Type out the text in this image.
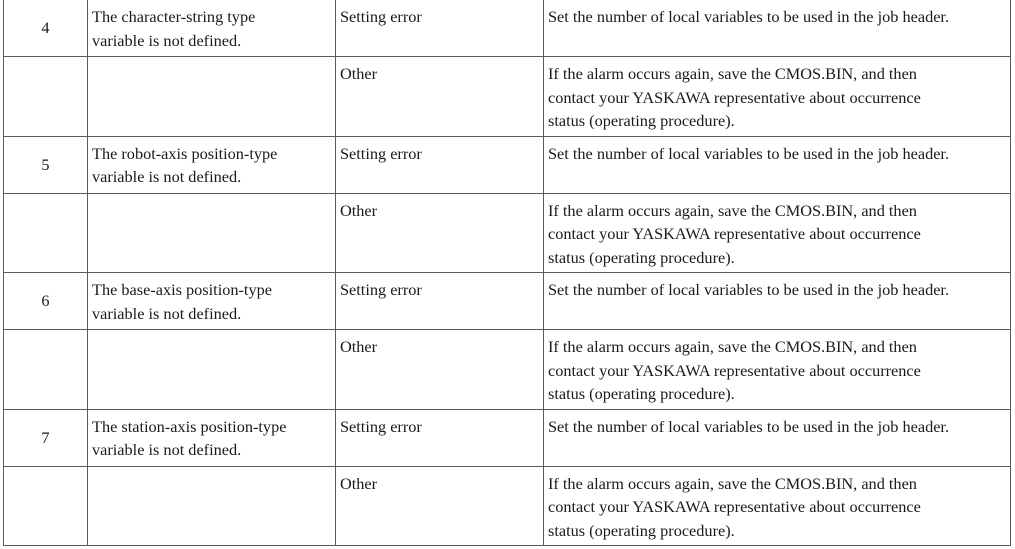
4	The character-string type
variable is not defined.	Setting error	Set the number of local variables to be used in the job header.

		Other	If the alarm occurs again, save the CMOS.BIN, and then
contact your YASKAWA representative about occurrence
status (operating procedure).

5	The robot-axis position-type
variable is not defined.	Setting error	Set the number of local variables to be used in the job header.

		Other	If the alarm occurs again, save the CMOS.BIN, and then
contact your YASKAWA representative about occurrence
status (operating procedure).

6	The base-axis position-type
variable is not defined.	Setting error	Set the number of local variables to be used in the job header.

		Other	If the alarm occurs again, save the CMOS.BIN, and then
contact your YASKAWA representative about occurrence
status (operating procedure).

7	The station-axis position-type
variable is not defined.	Setting error	Set the number of local variables to be used in the job header.

		Other	If the alarm occurs again, save the CMOS.BIN, and then
contact your YASKAWA representative about occurrence
status (operating procedure).
